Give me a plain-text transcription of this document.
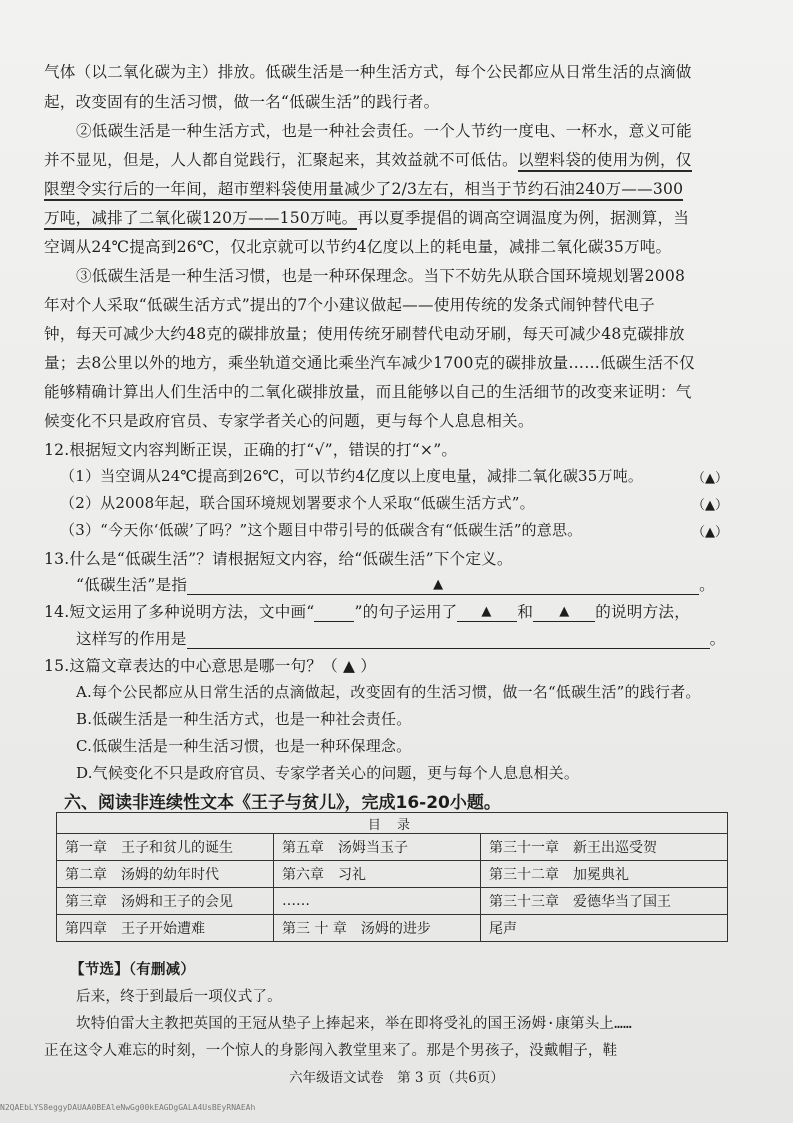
气体（以二氧化碳为主）排放。低碳生活是一种生活方式，每个公民都应从日常生活的点滴做
起，改变固有的生活习惯，做一名“低碳生活”的践行者。
②低碳生活是一种生活方式，也是一种社会责任。一个人节约一度电、一杯水，意义可能
并不显见，但是，人人都自觉践行，汇聚起来，其效益就不可低估。以塑料袋的使用为例，仅
限塑令实行后的一年间，超市塑料袋使用量减少了2/3左右，相当于节约石油240万——300
万吨，减排了二氧化碳120万——150万吨。再以夏季提倡的调高空调温度为例，据测算，当
空调从24℃提高到26℃，仅北京就可以节约4亿度以上的耗电量，减排二氧化碳35万吨。
③低碳生活是一种生活习惯，也是一种环保理念。当下不妨先从联合国环境规划署2008
年对个人采取“低碳生活方式”提出的7个小建议做起——使用传统的发条式闹钟替代电子
钟，每天可减少大约48克的碳排放量；使用传统牙刷替代电动牙刷，每天可减少48克碳排放
量；去8公里以外的地方，乘坐轨道交通比乘坐汽车减少1700克的碳排放量……低碳生活不仅
能够精确计算出人们生活中的二氧化碳排放量，而且能够以自己的生活细节的改变来证明：气
候变化不只是政府官员、专家学者关心的问题，更与每个人息息相关。
12.根据短文内容判断正误，正确的打“√”，错误的打“×”。
（1）当空调从24℃提高到26℃，可以节约4亿度以上度电量，减排二氧化碳35万吨。	（▲）
（2）从2008年起，联合国环境规划署要求个人采取“低碳生活方式”。	（▲）
（3）“今天你‘低碳’了吗？”这个题目中带引号的低碳含有“低碳生活”的意思。	（▲）
13.什么是“低碳生活”？请根据短文内容，给“低碳生活”下个定义。
“低碳生活”是指	▲	。
14.短文运用了多种说明方法，文中画“	”的句子运用了 ▲ 和 ▲ 的说明方法，
这样写的作用是	。
15.这篇文章表达的中心意思是哪一句？（ ▲ ）
A.每个公民都应从日常生活的点滴做起，改变固有的生活习惯，做一名“低碳生活”的践行者。
B.低碳生活是一种生活方式，也是一种社会责任。
C.低碳生活是一种生活习惯，也是一种环保理念。
D.气候变化不只是政府官员、专家学者关心的问题，更与每个人息息相关。
六、阅读非连续性文本《王子与贫儿》，完成16-20小题。
目 录		
第一章　王子和贫儿的诞生	第五章　汤姆当玉子	第三十一章　新王出巡受贺
第二章　汤姆的幼年时代	第六章　习礼	第三十二章　加冕典礼
第三章　汤姆和王子的会见	……	第三十三章　爱德华当了国王
第四章　王子开始遭难	第三 十 章　汤姆的进步	尾声
【节选】（有删减）
后来，终于到最后一项仪式了。
坎特伯雷大主教把英国的王冠从垫子上捧起来，举在即将受礼的国王汤姆·康第头上……
正在这令人难忘的时刻，一个惊人的身影闯入教堂里来了。那是个男孩子，没戴帽子，鞋
六年级语文试卷　第 3 页（共6页）
N2QAEbLYS8eggyDAUAA0BEAleNwGg00kEAGDgGALA4UsBEyRNAEAh
